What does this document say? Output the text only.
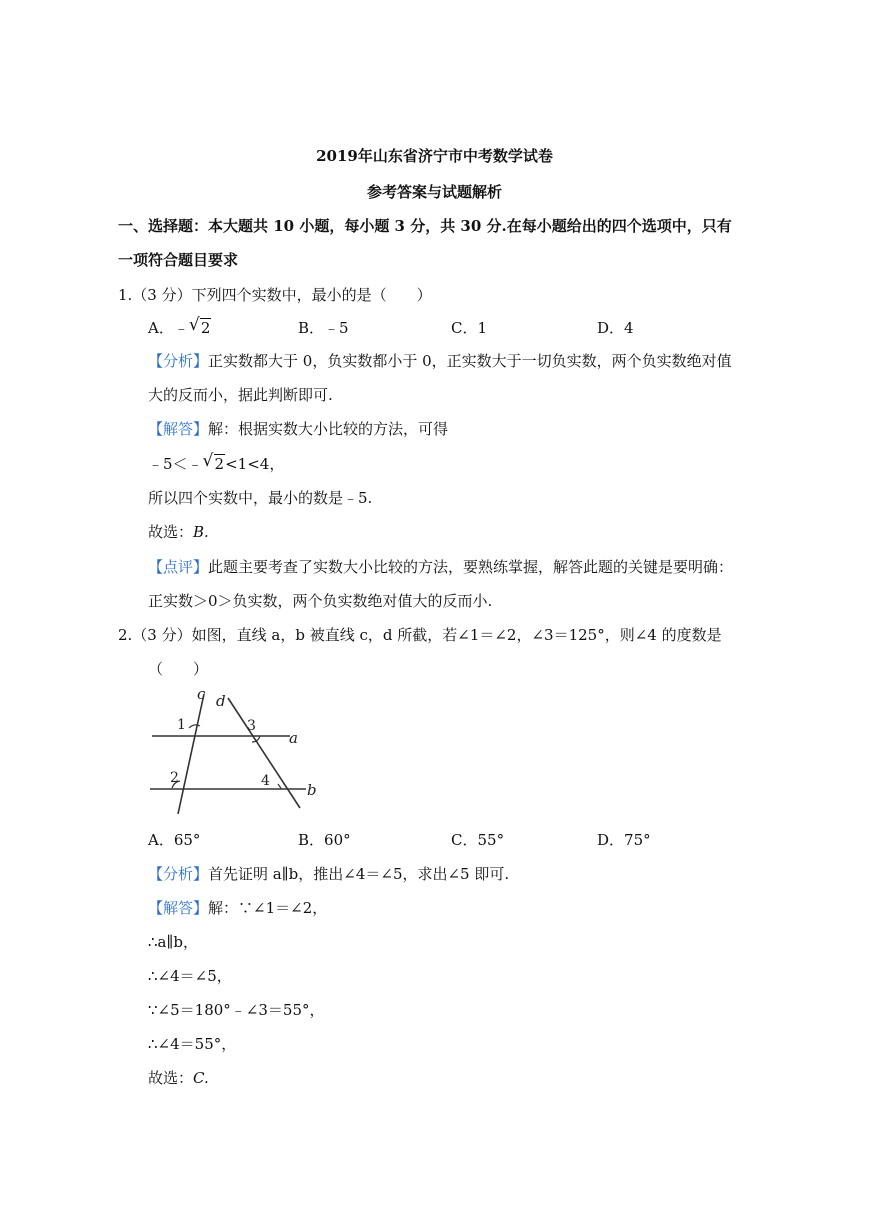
2019年山东省济宁市中考数学试卷
参考答案与试题解析
一、选择题：本大题共 10 小题，每小题 3 分，共 30 分.在每小题给出的四个选项中，只有
一项符合题目要求
1.（3 分）下列四个实数中，最小的是（　　）
A．﹣ √ 2	B．﹣5	C．1	D．4
【分析】正实数都大于 0，负实数都小于 0，正实数大于一切负实数，两个负实数绝对值
大的反而小，据此判断即可.
【解答】解：根据实数大小比较的方法，可得
﹣5＜﹣ √ 2<1<4，
所以四个实数中，最小的数是﹣5.
故选：B.
【点评】此题主要考查了实数大小比较的方法，要熟练掌握，解答此题的关键是要明确：
正实数＞0＞负实数，两个负实数绝对值大的反而小.
2.（3 分）如图，直线 a，b 被直线 c，d 所截，若∠1＝∠2，∠3＝125°，则∠4 的度数是
（　　）
c d
a
b
1
2
3
4
A．65°	B．60°	C．55°	D．75°
【分析】首先证明 a∥b，推出∠4＝∠5，求出∠5 即可.
【解答】解：∵∠1＝∠2，
∴a∥b，
∴∠4＝∠5，
∵∠5＝180°﹣∠3＝55°，
∴∠4＝55°，
故选：C.
